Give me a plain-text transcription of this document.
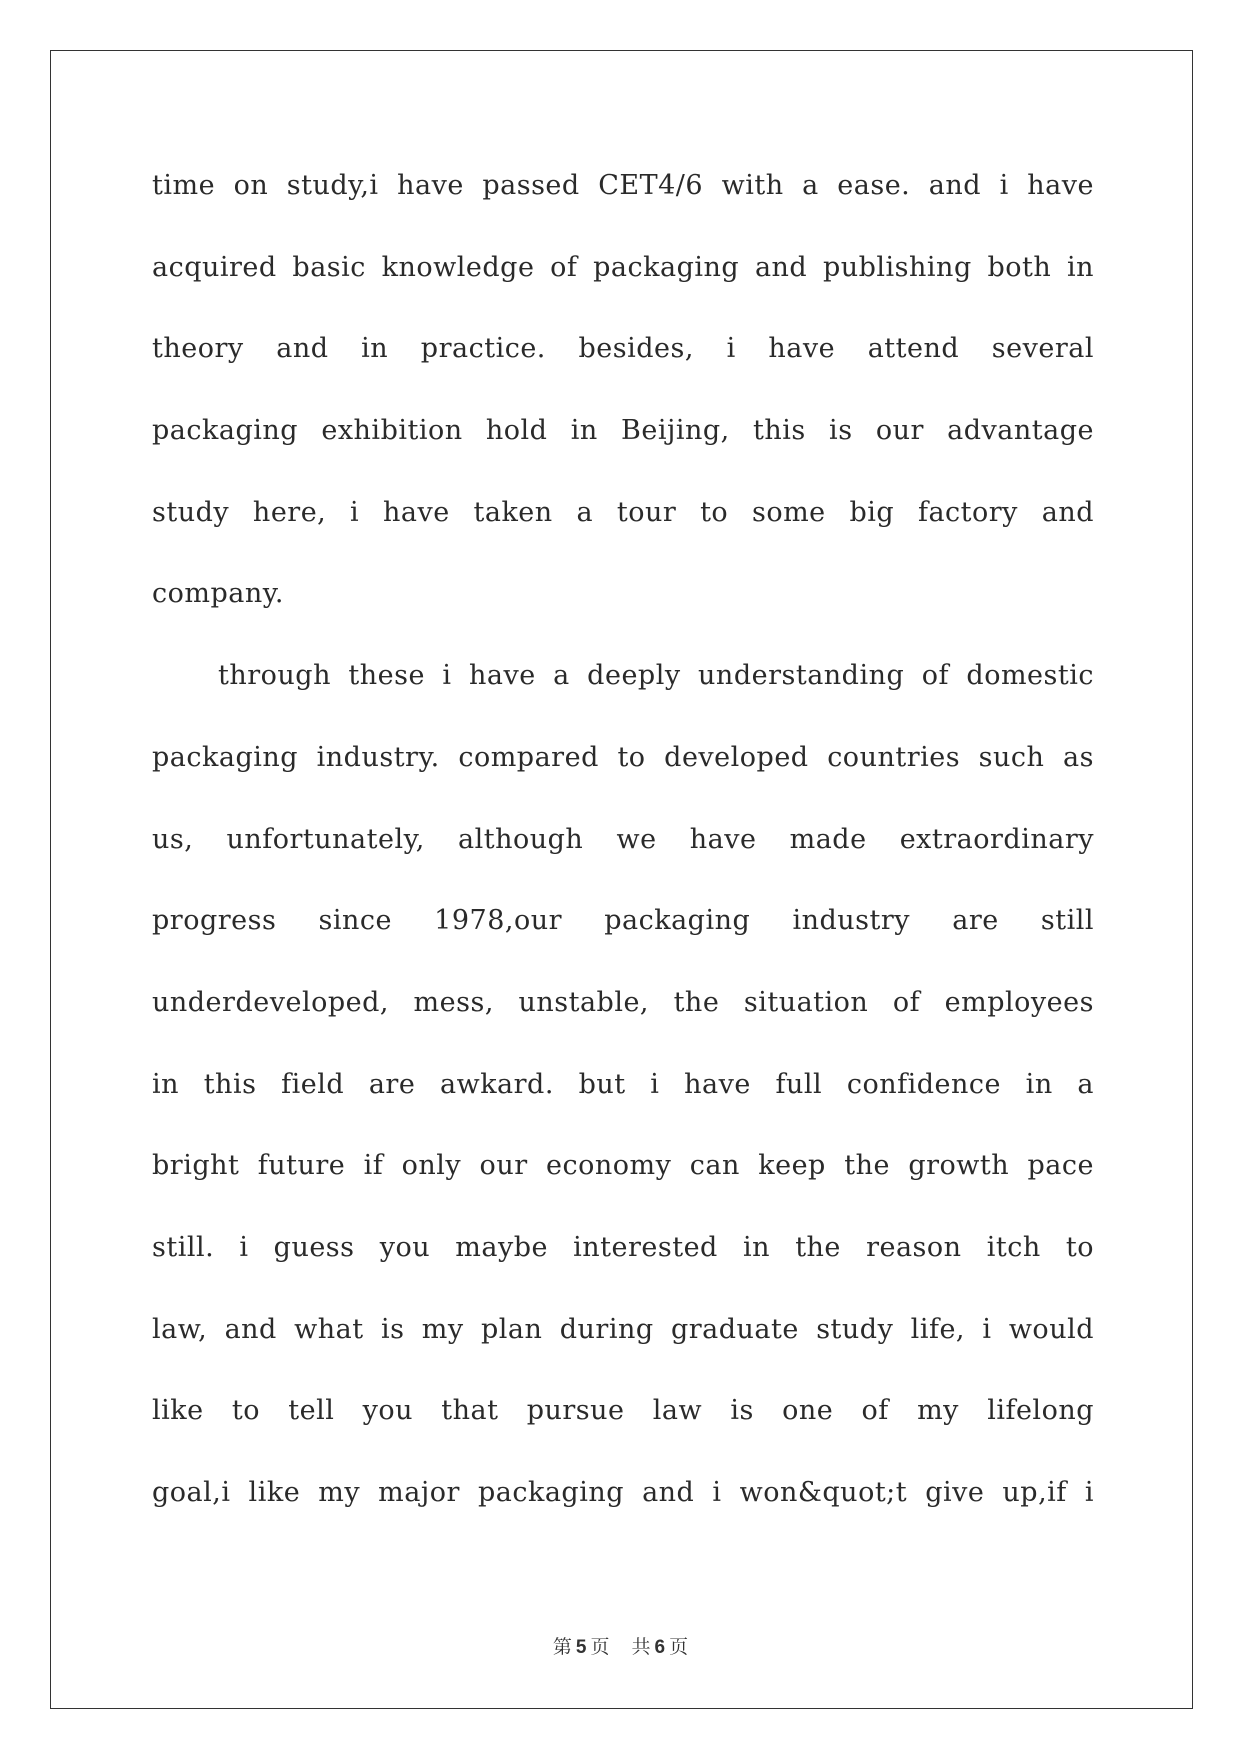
time on study,i have passed CET4/6 with a ease. and i have
acquired basic knowledge of packaging and publishing both in
theory and in practice. besides, i have attend several
packaging exhibition hold in Beijing, this is our advantage
study here, i have taken a tour to some big factory and
company.
through these i have a deeply understanding of domestic
packaging industry. compared to developed countries such as
us, unfortunately, although we have made extraordinary
progress since 1978,our packaging industry are still
underdeveloped, mess, unstable, the situation of employees
in this field are awkard. but i have full confidence in a
bright future if only our economy can keep the growth pace
still. i guess you maybe interested in the reason itch to
law, and what is my plan during graduate study life, i would
like to tell you that pursue law is one of my lifelong
goal,i like my major packaging and i won&quot;t give up,if i
第 5 页 共 6 页
